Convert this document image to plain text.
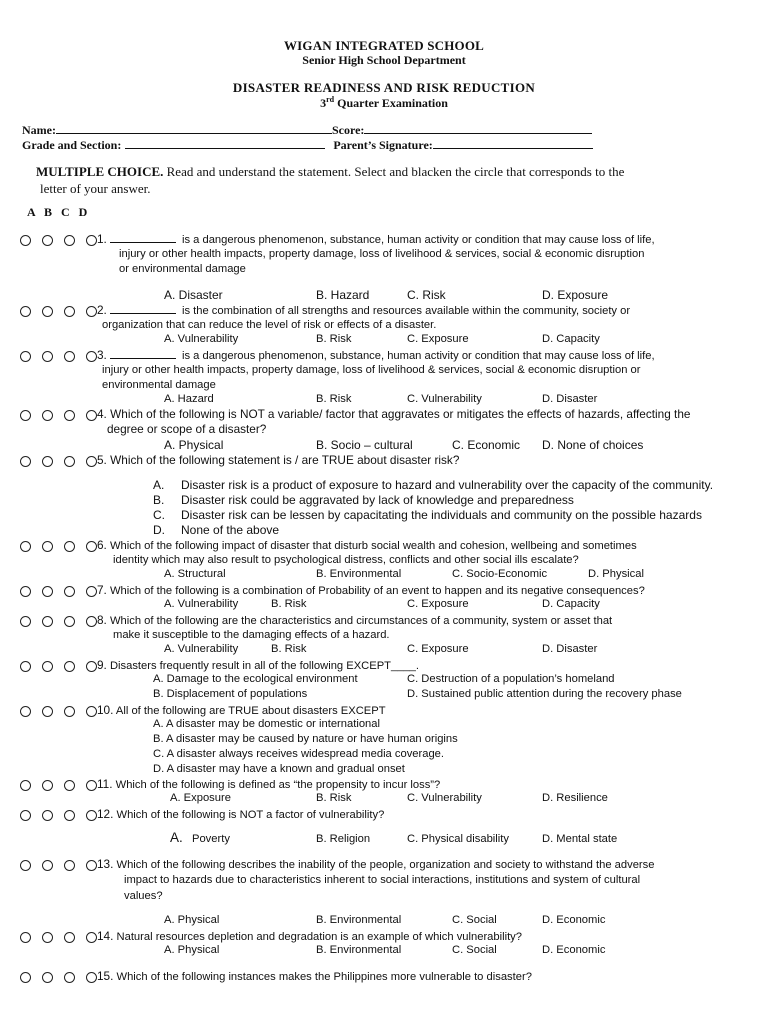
WIGAN INTEGRATED SCHOOL
Senior High School Department
DISASTER READINESS AND RISK REDUCTION
3rd Quarter Examination
Name:	Score:
Grade and Section:	Parent’s Signature:
MULTIPLE CHOICE. Read and understand the statement. Select and blacken the circle that corresponds to the
letter of your answer.
A B C D
1.	is a dangerous phenomenon, substance, human activity or condition that may cause loss of life,
injury or other health impacts, property damage, loss of livelihood & services, social & economic disruption
or environmental damage
A. Disaster	B. Hazard	C. Risk	D. Exposure
2.	is the combination of all strengths and resources available within the community, society or
organization that can reduce the level of risk or effects of a disaster.
A. Vulnerability	B. Risk	C. Exposure	D. Capacity
3.	is a dangerous phenomenon, substance, human activity or condition that may cause loss of life,
injury or other health impacts, property damage, loss of livelihood & services, social & economic disruption or
environmental damage
A. Hazard	B. Risk	C. Vulnerability	D. Disaster
4. Which of the following is NOT a variable/ factor that aggravates or mitigates the effects of hazards, affecting the
degree or scope of a disaster?
A. Physical	B. Socio – cultural	C. Economic D. None of choices
5. Which of the following statement is / are TRUE about disaster risk?
A. Disaster risk is a product of exposure to hazard and vulnerability over the capacity of the community.
B. Disaster risk could be aggravated by lack of knowledge and preparedness
C. Disaster risk can be lessen by capacitating the individuals and community on the possible hazards
D. None of the above
6. Which of the following impact of disaster that disturb social wealth and cohesion, wellbeing and sometimes
identity which may also result to psychological distress, conflicts and other social ills escalate?
A. Structural	B. Environmental	C. Socio-Economic	D. Physical
7. Which of the following is a combination of Probability of an event to happen and its negative consequences?
A. Vulnerability	B. Risk	C. Exposure	D. Capacity
8. Which of the following are the characteristics and circumstances of a community, system or asset that
make it susceptible to the damaging effects of a hazard.
A. Vulnerability	B. Risk	C. Exposure	D. Disaster
9. Disasters frequently result in all of the following EXCEPT____.
A. Damage to the ecological environment	C. Destruction of a population’s homeland
B. Displacement of populations	D. Sustained public attention during the recovery phase
10. All of the following are TRUE about disasters EXCEPT
A. A disaster may be domestic or international
B. A disaster may be caused by nature or have human origins
C. A disaster always receives widespread media coverage.
D. A disaster may have a known and gradual onset
11. Which of the following is defined as “the propensity to incur loss”?
A. Exposure	B. Risk	C. Vulnerability	D. Resilience
12. Which of the following is NOT a factor of vulnerability?
A. Poverty	B. Religion	C. Physical disability	D. Mental state
13. Which of the following describes the inability of the people, organization and society to withstand the adverse
impact to hazards due to characteristics inherent to social interactions, institutions and system of cultural
values?
A. Physical	B. Environmental	C. Social	D. Economic
14. Natural resources depletion and degradation is an example of which vulnerability?
A. Physical	B. Environmental	C. Social	D. Economic
15. Which of the following instances makes the Philippines more vulnerable to disaster?
